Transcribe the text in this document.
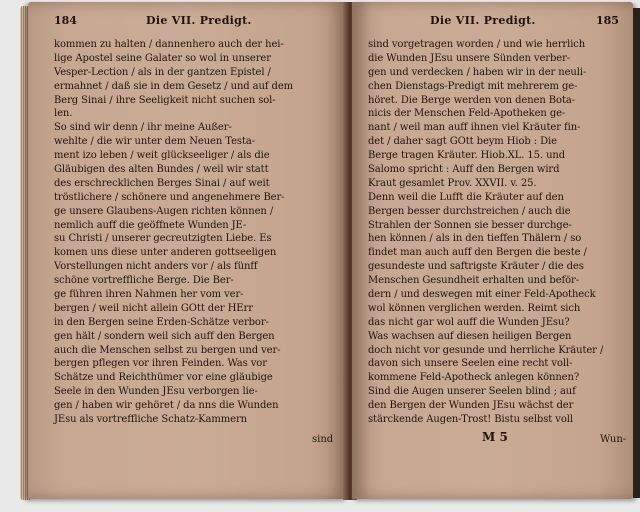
184	Die VII. Predigt.
kommen zu halten / dannenhero auch der hei-
lige Apostel seine Galater so wol in unserer
Vesper-Lection / als in der gantzen Epistel /
ermahnet / daß sie in dem Gesetz / und auf dem
Berg Sinai / ihre Seeligkeit nicht suchen sol-
len.
So sind wir denn / ihr meine Außer-
wehlte / die wir unter dem Neuen Testa-
ment izo leben / weit glückseeliger / als die
Gläubigen des alten Bundes / weil wir statt
des erschrecklichen Berges Sinai / auf weit
tröstlichere / schönere und angenehmere Ber-
ge unsere Glaubens-Augen richten können /
nemlich auff die geöffnete Wunden JE-
su Christi / unserer gecreutzigten Liebe. Es
komen uns diese unter anderen gottseeligen
Vorstellungen nicht anders vor / als fünff
schöne vortreffliche Berge. Die Ber-
ge führen ihren Nahmen her vom ver-
bergen / weil nicht allein GOtt der HErr
in den Bergen seine Erden-Schätze verbor-
gen hält / sondern weil sich auff den Bergen
auch die Menschen selbst zu bergen und ver-
bergen pflegen vor ihren Feinden. Was vor
Schätze und Reichthümer vor eine gläubige
Seele in den Wunden JEsu verborgen lie-
gen / haben wir gehöret / da nns die Wunden
JEsu als vortreffliche Schatz-Kammern
sind
Die VII. Predigt.	185
sind vorgetragen worden / und wie herrlich
die Wunden JEsu unsere Sünden verber-
gen und verdecken / haben wir in der neuli-
chen Dienstags-Predigt mit mehrerem ge-
höret. Die Berge werden von denen Bota-
nicis der Menschen Feld-Apotheken ge-
nant / weil man auff ihnen viel Kräuter fin-
det / daher sagt GOtt beym Hiob : Die
Berge tragen Kräuter. Hiob.XL. 15. und
Salomo spricht : Auff den Bergen wird
Kraut gesamlet Prov. XXVII. v. 25.
Denn weil die Lufft die Kräuter auf den
Bergen besser durchstreichen / auch die
Strahlen der Sonnen sie besser durchge-
hen können / als in den tieffen Thälern / so
findet man auch auff den Bergen die beste /
gesundeste und saftrigste Kräuter / die des
Menschen Gesundheit erhalten und beför-
dern / und deswegen mit einer Feld-Apotheck
wol können verglichen werden. Reimt sich
das nicht gar wol auff die Wunden JEsu?
Was wachsen auf diesen heiligen Bergen
doch nicht vor gesunde und herrliche Kräuter /
davon sich unsere Seelen eine recht voll-
kommene Feld-Apotheck anlegen können?
Sind die Augen unserer Seelen blind ; auf
den Bergen der Wunden JEsu wächst der
stärckende Augen-Trost! Bistu selbst voll
M 5	Wun-
